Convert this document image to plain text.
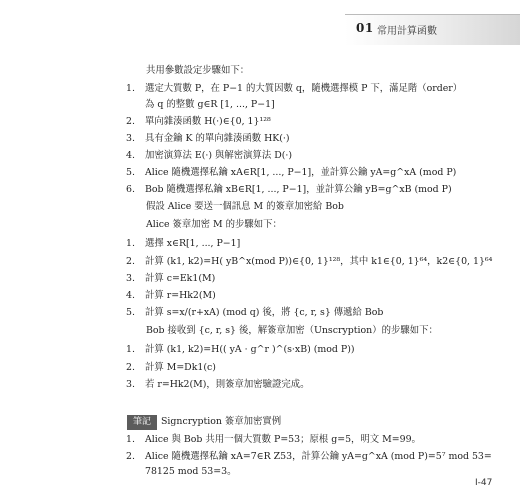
01 常用計算函數
共用參數設定步驟如下：
1. 選定大質數 P，在 P−1 的大質因數 q，隨機選擇模 P 下，滿足階（order）
為 q 的整數 g∈R [1, ..., P−1]
2. 單向雜湊函數 H(·)∈{0, 1}¹²⁸
3. 具有金鑰 K 的單向雜湊函數 HK(·)
4. 加密演算法 E(·) 與解密演算法 D(·)
5. Alice 隨機選擇私鑰 xA∈R[1, ..., P−1]，並計算公鑰 yA=g^xA (mod P)
6. Bob 隨機選擇私鑰 xB∈R[1, ..., P−1]，並計算公鑰 yB=g^xB (mod P)
假設 Alice 要送一個訊息 M 的簽章加密給 Bob
Alice 簽章加密 M 的步驟如下：
1. 選擇 x∈R[1, ..., P−1]
2. 計算 (k1, k2)=H( yB^x(mod P))∈{0, 1}¹²⁸，其中 k1∈{0, 1}⁶⁴，k2∈{0, 1}⁶⁴
3. 計算 c=Ek1(M)
4. 計算 r=Hk2(M)
5. 計算 s=x/(r+xA) (mod q) 後，將 {c, r, s} 傳遞給 Bob
Bob 接收到 {c, r, s} 後，解簽章加密（Unscryption）的步驟如下：
1. 計算 (k1, k2)=H(( yA · g^r )^(s·xB) (mod P))
2. 計算 M=Dk1(c)
3. 若 r=Hk2(M)，則簽章加密驗證完成。
筆記	Signcryption 簽章加密實例
1. Alice 與 Bob 共用一個大質數 P=53；原根 g=5，明文 M=99。
2. Alice 隨機選擇私鑰 xA=7∈R Z53，計算公鑰 yA=g^xA (mod P)=5⁷ mod 53=
78125 mod 53=3。
I-47
